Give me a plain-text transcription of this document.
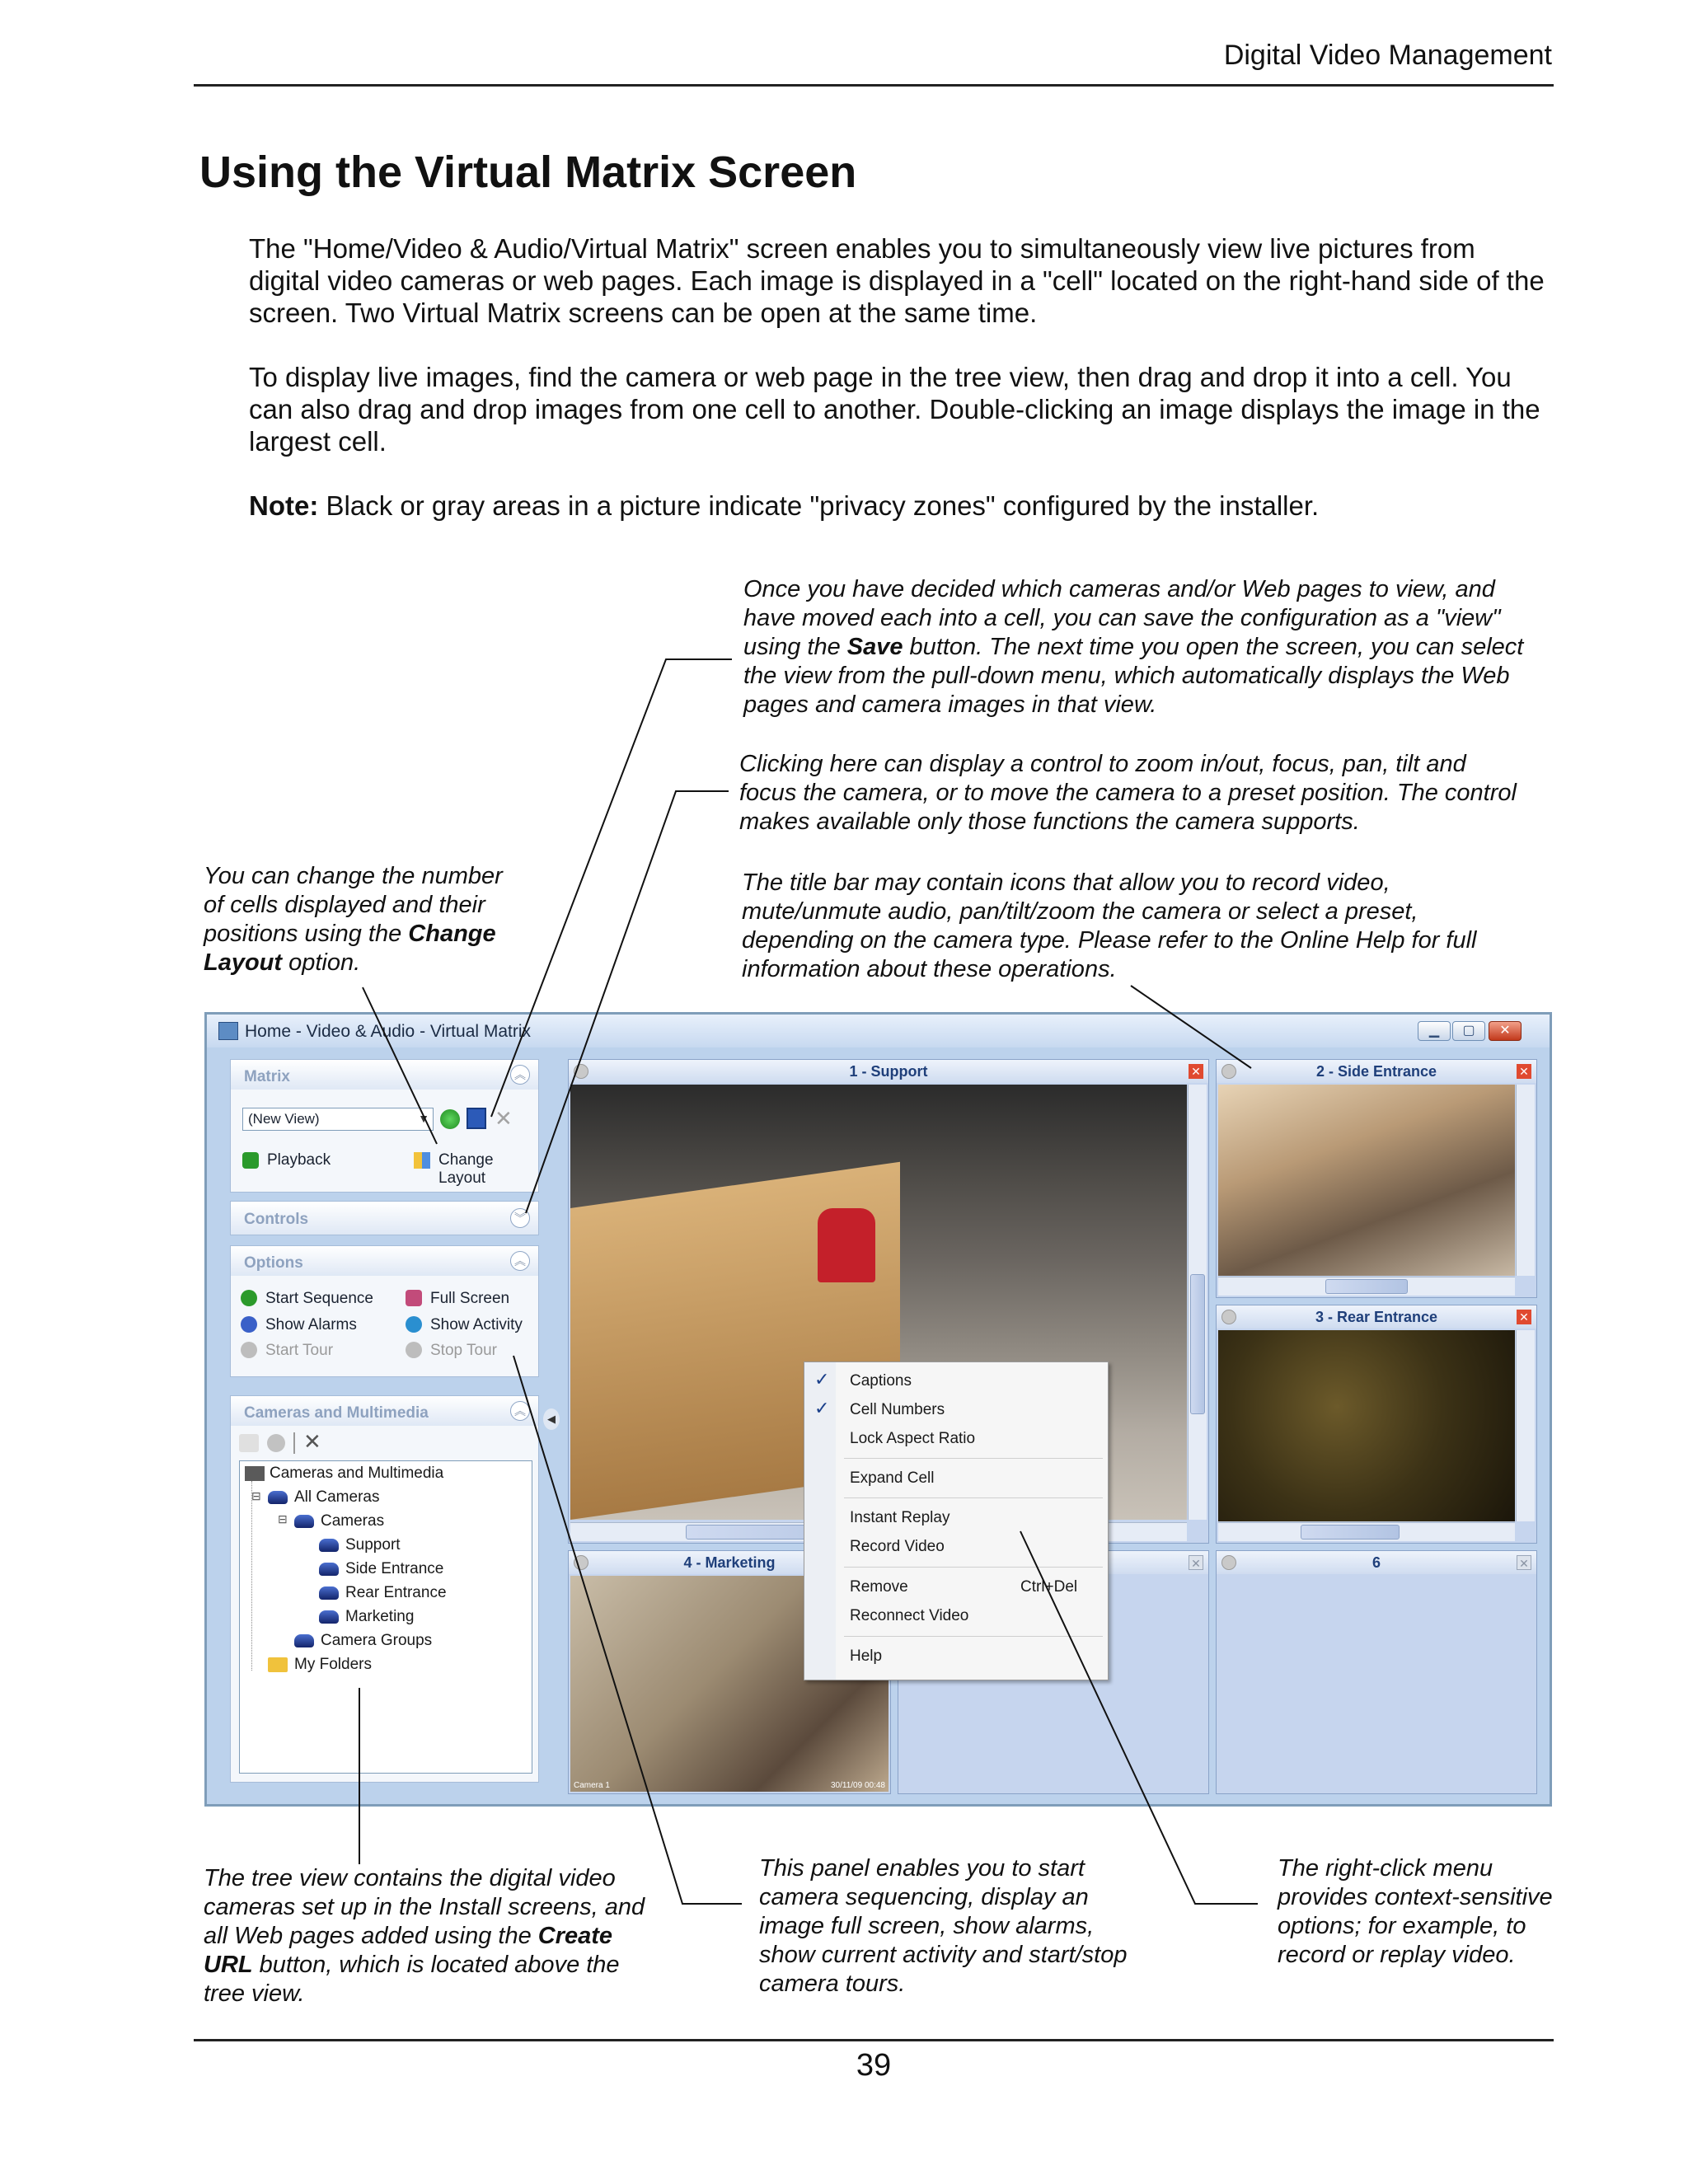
Digital Video Management
Using the Virtual Matrix Screen
The "Home/Video & Audio/Virtual Matrix" screen enables you to simultaneously view live pictures from digital video cameras or web pages. Each image is displayed in a "cell" located on the right-hand side of the screen. Two Virtual Matrix screens can be open at the same time.
To display live images, find the camera or web page in the tree view, then drag and drop it into a cell. You can also drag and drop images from one cell to another. Double-clicking an image displays the image in the largest cell.
Note: Black or gray areas in a picture indicate "privacy zones" configured by the installer.
Once you have decided which cameras and/or Web pages to view, and have moved each into a cell, you can save the configuration as a "view" using the Save button. The next time you open the screen, you can select the view from the pull-down menu, which automatically displays the Web pages and camera images in that view.
Clicking here can display a control to zoom in/out, focus, pan, tilt and focus the camera, or to move the camera to a preset position. The control makes available only those functions the camera supports.
The title bar may contain icons that allow you to record video, mute/unmute audio, pan/tilt/zoom the camera or select a preset, depending on the camera type. Please refer to the Online Help for full information about these operations.
You can change the number of cells displayed and their positions using the Change Layout option.
Home - Video & Audio - Virtual Matrix	▁	▢	✕
Matrix	︽
(New View)	▼	✕
Playback	Change Layout
Controls	︾
Options	︽
Start Sequence	Full Screen
Show Alarms	Show Activity
Start Tour	Stop Tour
Cameras and Multimedia	︽
✕
Cameras and Multimedia
⊟ All Cameras
⊟ Cameras
Support
Side Entrance
Rear Entrance
Marketing
Camera Groups
My Folders
◀
1 - Support	✕	2 - Side Entrance	✕
3 - Rear Entrance	✕
4 - Marketing
Camera 1	30/11/09 00:48
✕	6	✕
✓ Captions
✓ Cell Numbers
Lock Aspect Ratio
Expand Cell
Instant Replay
Record Video
Remove	Ctrl+Del
Reconnect Video
Help
The tree view contains the digital video cameras set up in the Install screens, and all Web pages added using the Create URL button, which is located above the tree view.
This panel enables you to start camera sequencing, display an image full screen, show alarms, show current activity and start/stop camera tours.
The right-click menu provides context-sensitive options; for example, to record or replay video.
39
